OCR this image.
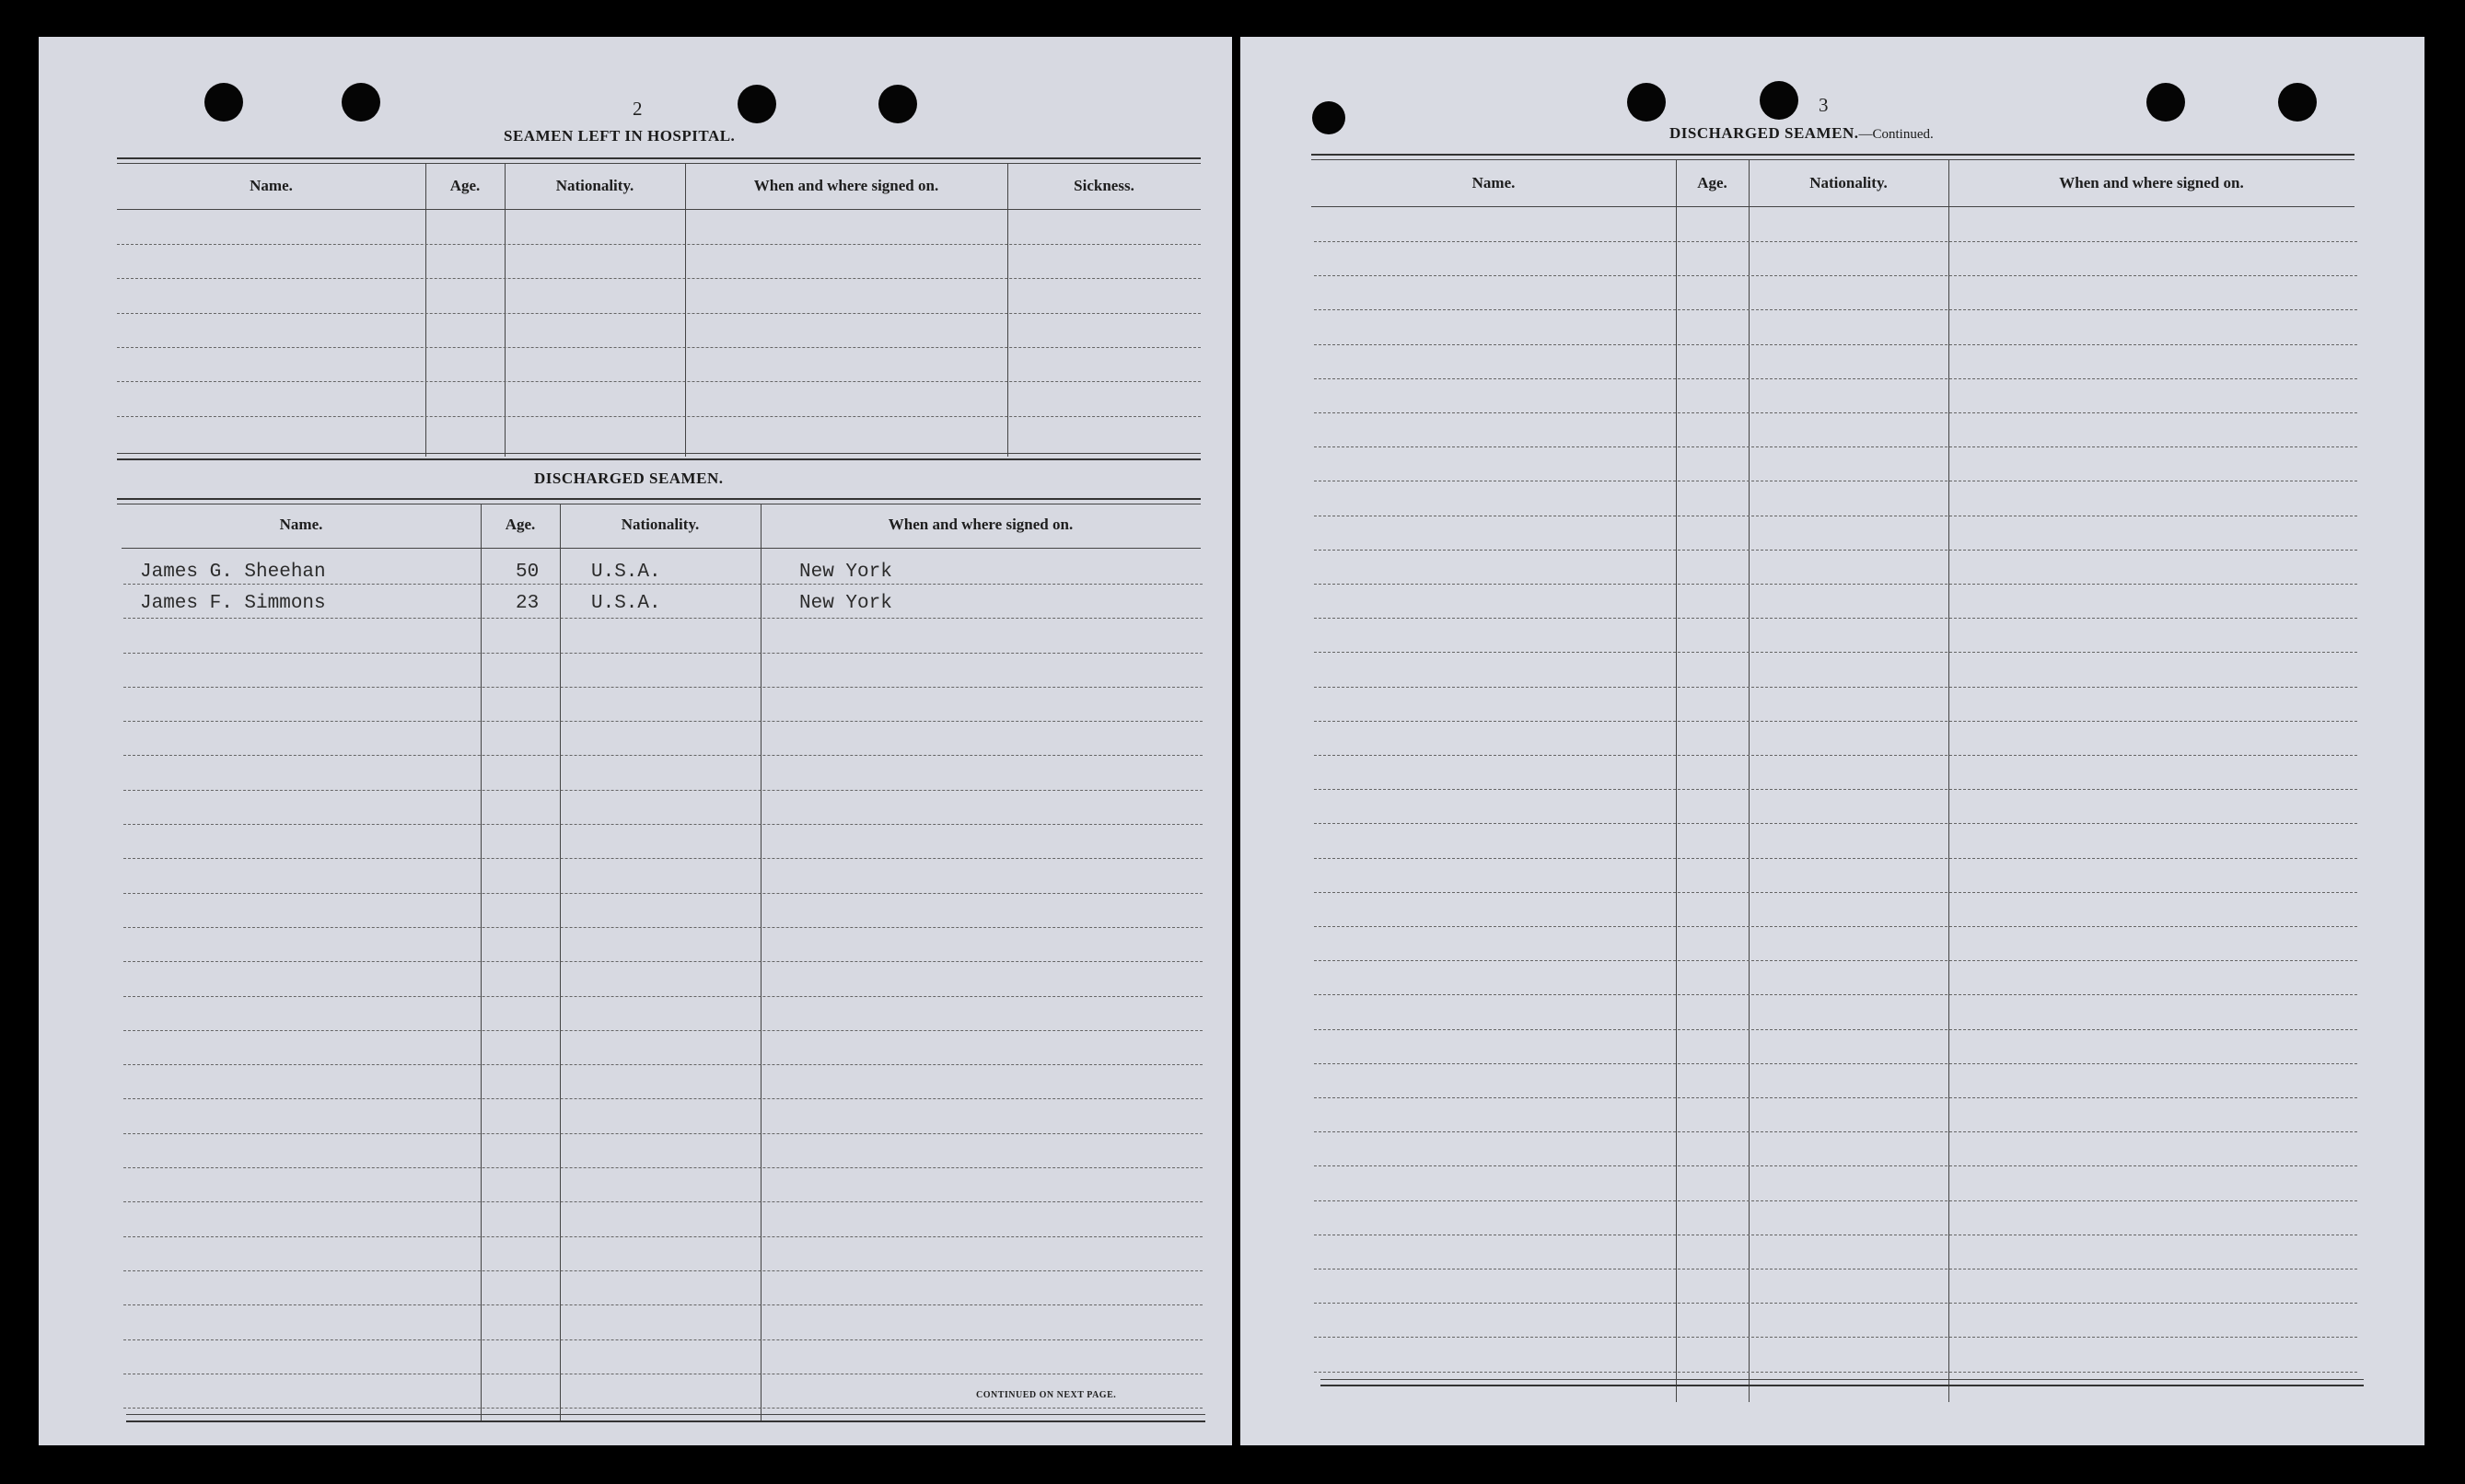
2
SEAMEN LEFT IN HOSPITAL.
Name.	Age.	Nationality.	When and where signed on.	Sickness.
DISCHARGED SEAMEN.
Name.	Age.	Nationality.	When and where signed on.
James G. Sheehan	50	U.S.A.	New York
James F. Simmons	23	U.S.A.	New York
CONTINUED ON NEXT PAGE.
3
DISCHARGED SEAMEN.—Continued.
Name.	Age.	Nationality.	When and where signed on.
